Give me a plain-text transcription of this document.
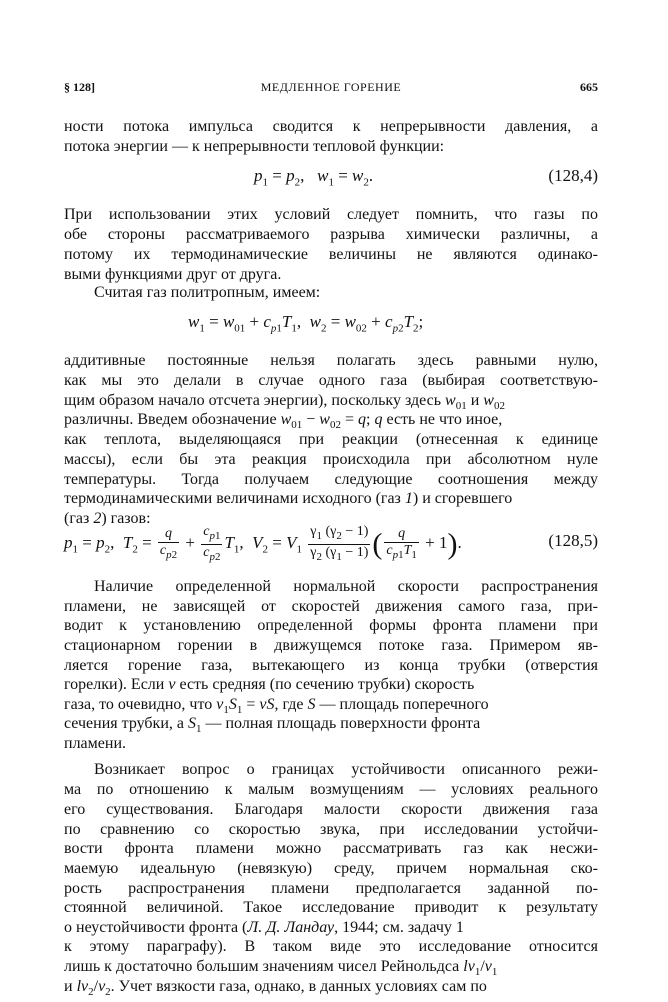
§ 128]	МЕДЛЕННОЕ ГОРЕНИЕ	665
ности потока импульса сводится к непрерывности давления, а
потока энергии — к непрерывности тепловой функции:
$p_1 = p_2$,   $w_1 = w_2$.	(128,4)
При использовании этих условий следует помнить, что газы по
обе стороны рассматриваемого разрыва химически различны, а
потому их термодинамические величины не являются одинако-
выми функциями друг от друга.
Считая газ политропным, имеем:
$w_1 = w_{01} + c_{p1}T_1$,  $w_2 = w_{02} + c_{p2}T_2$;
аддитивные постоянные нельзя полагать здесь равными нулю,
как мы это делали в случае одного газа (выбирая соответствую-
щим образом начало отсчета энергии), поскольку здесь $w_{01}$ и $w_{02}$
различны. Введем обозначение $w_{01} - w_{02} = q$; q есть не что иное,
как теплота, выделяющаяся при реакции (отнесенная к единице
массы), если бы эта реакция происходила при абсолютном нуле
температуры. Тогда получаем следующие соотношения между
термодинамическими величинами исходного (газ 1) и сгоревшего
(газ 2) газов:
$p_1 = p_2$,  $T_2 = \frac{q}{c_{p2}} + \frac{c_{p1}}{c_{p2}} T_1$,  $V_2 = V_1 \frac{\gamma_1 (\gamma_2 - 1)}{\gamma_2 (\gamma_1 - 1)}$ ( $\frac{q}{c_{p1}T_1} + 1$).	(128,5)
Наличие определенной нормальной скорости распространения
пламени, не зависящей от скоростей движения самого газа, при-
водит к установлению определенной формы фронта пламени при
стационарном горении в движущемся потоке газа. Примером яв-
ляется горение газа, вытекающего из конца трубки (отверстия
горелки). Если v есть средняя (по сечению трубки) скорость
газа, то очевидно, что $v_1S_1$ = vS, где S — площадь поперечного
сечения трубки, а $S_1$ — полная площадь поверхности фронта
пламени.
Возникает вопрос о границах устойчивости описанного режи-
ма по отношению к малым возмущениям — условиях реального
его существования. Благодаря малости скорости движения газа
по сравнению со скоростью звука, при исследовании устойчи-
вости фронта пламени можно рассматривать газ как несжи-
маемую идеальную (невязкую) среду, причем нормальная ско-
рость распространения пламени предполагается заданной по-
стоянной величиной. Такое исследование приводит к результату
о неустойчивости фронта (Л. Д. Ландау, 1944; см. задачу 1
к этому параграфу). В таком виде это исследование относится
лишь к достаточно большим значениям чисел Рейнольдса $lv_1/\nu_1$
и $lv_2/\nu_2$. Учет вязкости газа, однако, в данных условиях сам по
